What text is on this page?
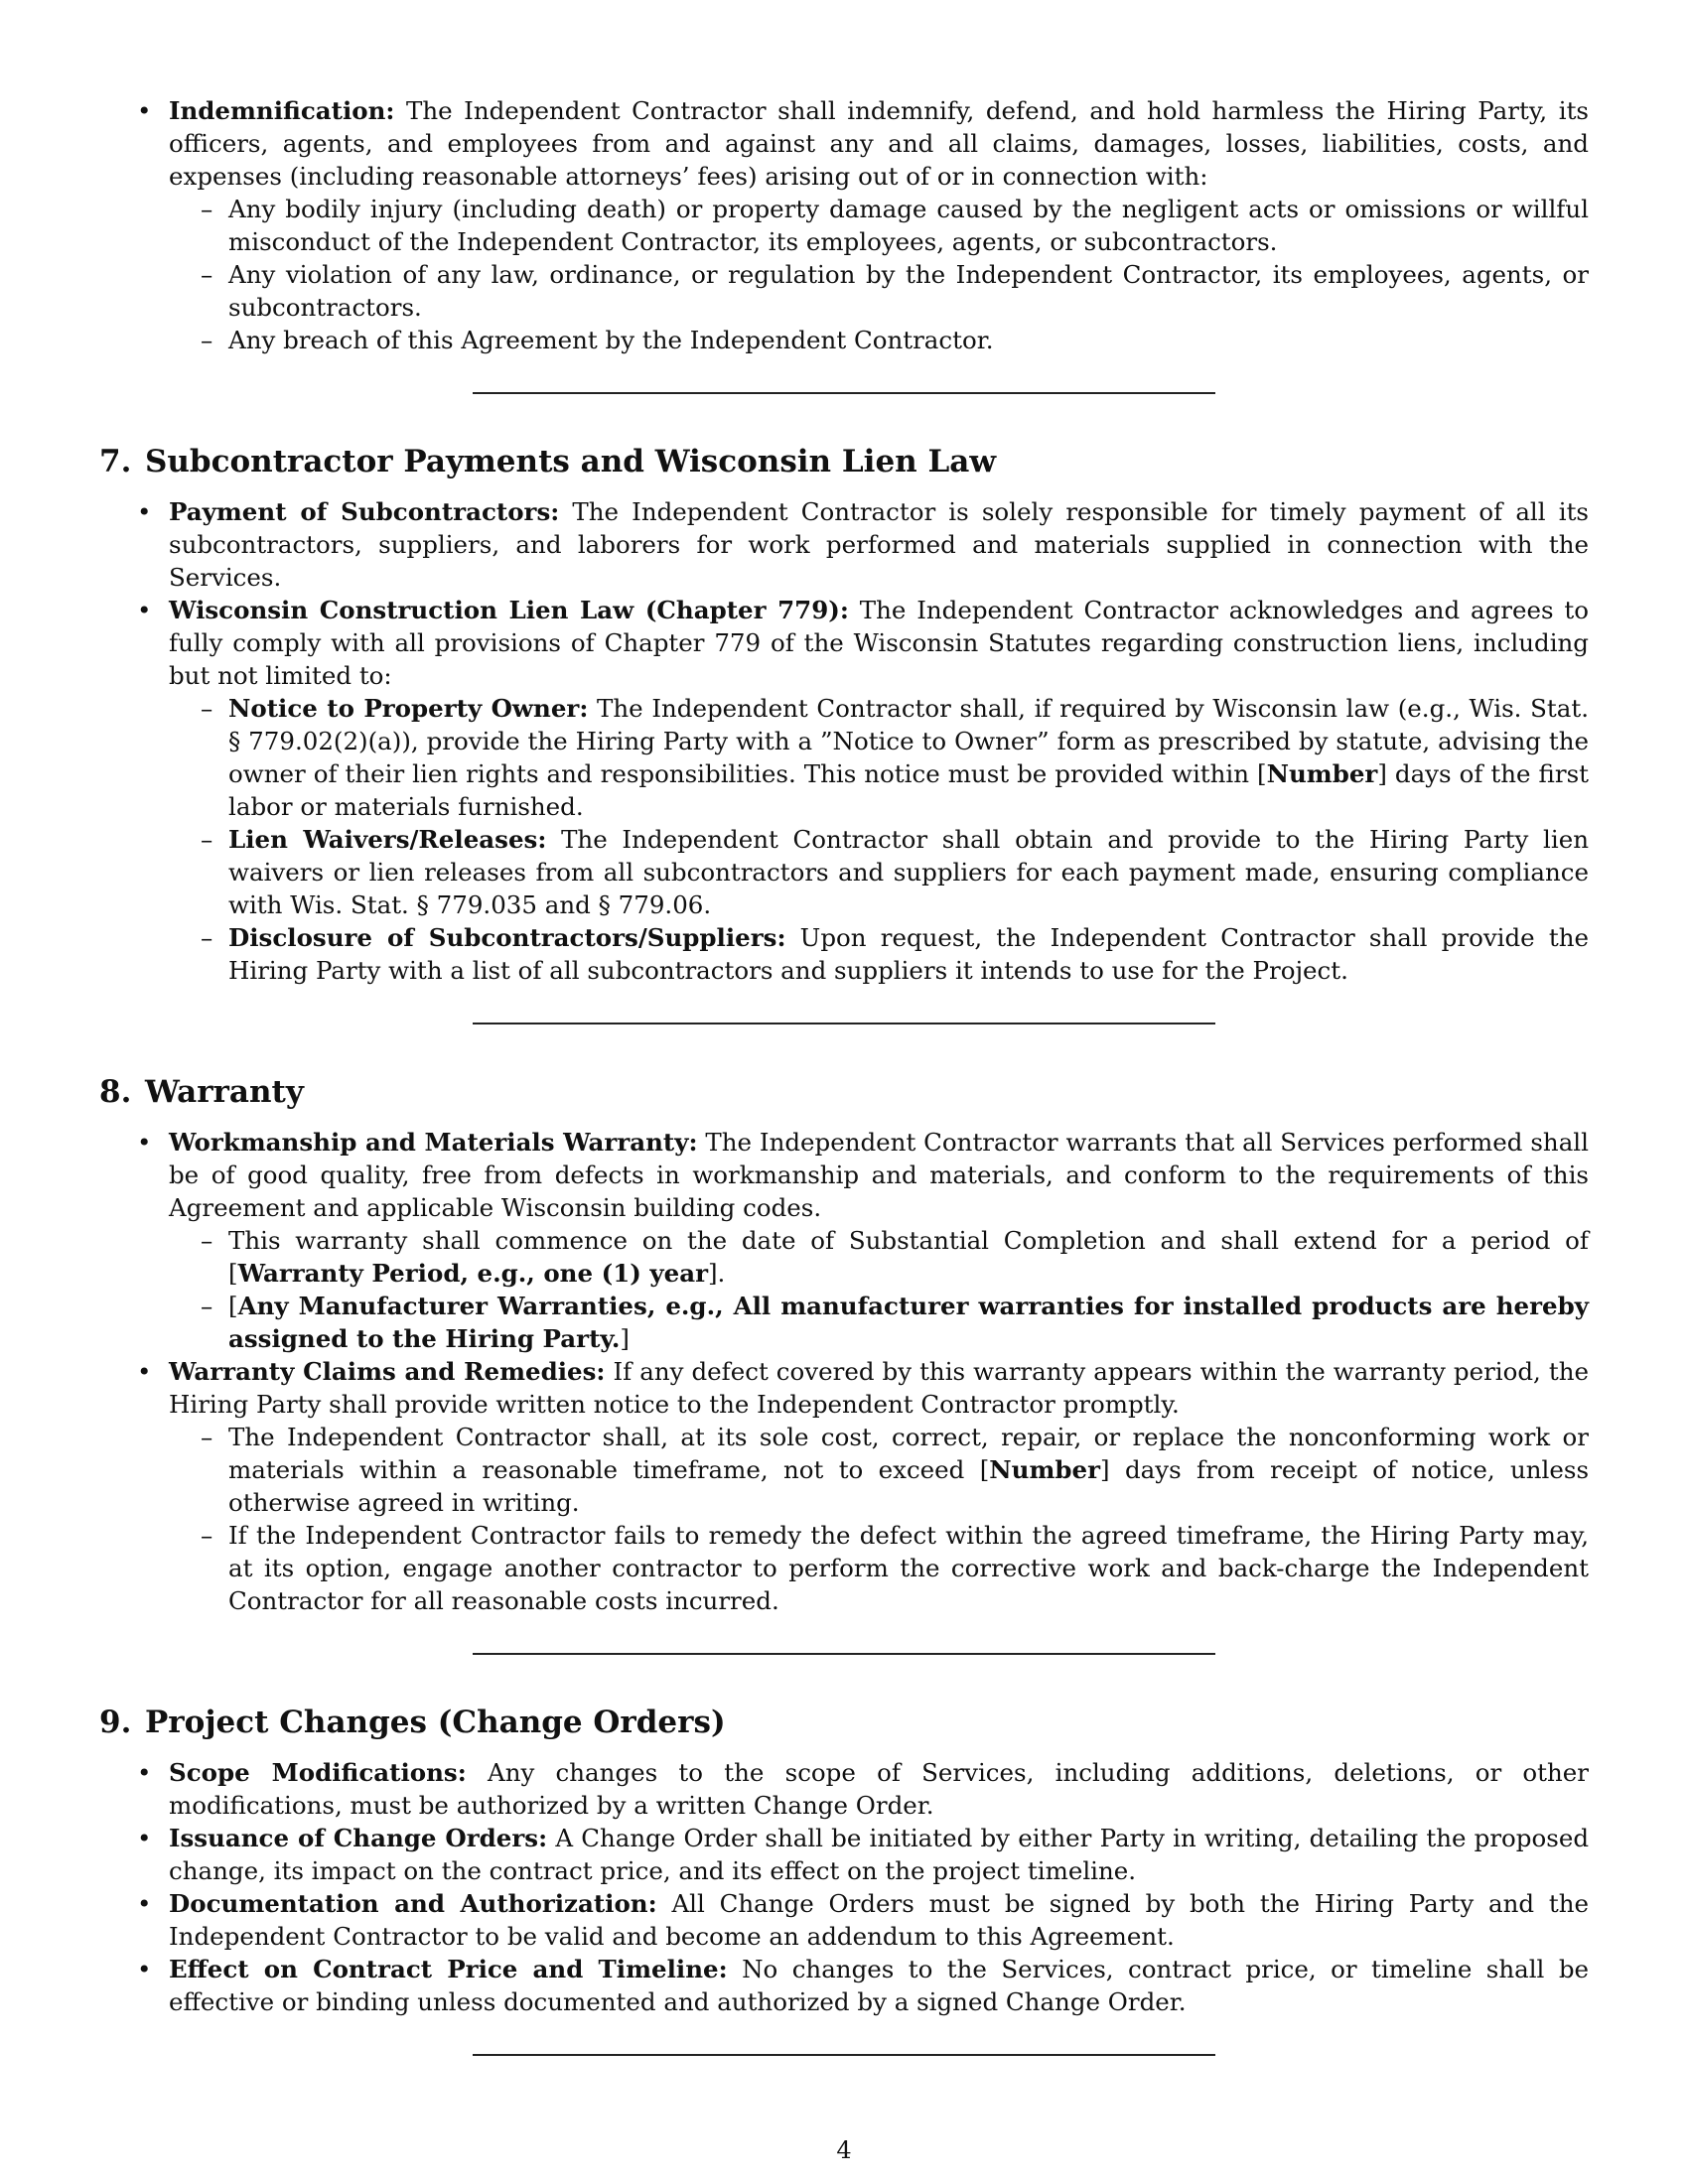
• Indemnification: The Independent Contractor shall indemnify, defend, and hold harmless the Hiring Party, its officers, agents, and employees from and against any and all claims, damages, losses, liabilities, costs, and expenses (including reasonable attorneys’ fees) arising out of or in connection with:
– Any bodily injury (including death) or property damage caused by the negligent acts or omissions or willful misconduct of the Independent Contractor, its employees, agents, or subcontractors.
– Any violation of any law, ordinance, or regulation by the Independent Contractor, its employees, agents, or subcontractors.
– Any breach of this Agreement by the Independent Contractor.
7. Subcontractor Payments and Wisconsin Lien Law
• Payment of Subcontractors: The Independent Contractor is solely responsible for timely payment of all its subcontractors, suppliers, and laborers for work performed and materials supplied in connection with the Services.
• Wisconsin Construction Lien Law (Chapter 779): The Independent Contractor acknowledges and agrees to fully comply with all provisions of Chapter 779 of the Wisconsin Statutes regarding construction liens, including but not limited to:
– Notice to Property Owner: The Independent Contractor shall, if required by Wisconsin law (e.g., Wis. Stat. § 779.02(2)(a)), provide the Hiring Party with a ”Notice to Owner” form as prescribed by statute, advising the owner of their lien rights and responsibilities. This notice must be provided within [Number] days of the first labor or materials furnished.
– Lien Waivers/Releases: The Independent Contractor shall obtain and provide to the Hiring Party lien waivers or lien releases from all subcontractors and suppliers for each payment made, ensuring compliance with Wis. Stat. § 779.035 and § 779.06.
– Disclosure of Subcontractors/Suppliers: Upon request, the Independent Contractor shall provide the Hiring Party with a list of all subcontractors and suppliers it intends to use for the Project.
8. Warranty
• Workmanship and Materials Warranty: The Independent Contractor warrants that all Services performed shall be of good quality, free from defects in workmanship and materials, and conform to the requirements of this Agreement and applicable Wisconsin building codes.
– This warranty shall commence on the date of Substantial Completion and shall extend for a period of [Warranty Period, e.g., one (1) year].
– [Any Manufacturer Warranties, e.g., All manufacturer warranties for installed products are hereby assigned to the Hiring Party.]
• Warranty Claims and Remedies: If any defect covered by this warranty appears within the warranty period, the Hiring Party shall provide written notice to the Independent Contractor promptly.
– The Independent Contractor shall, at its sole cost, correct, repair, or replace the nonconforming work or materials within a reasonable timeframe, not to exceed [Number] days from receipt of notice, unless otherwise agreed in writing.
– If the Independent Contractor fails to remedy the defect within the agreed timeframe, the Hiring Party may, at its option, engage another contractor to perform the corrective work and back-charge the Independent Contractor for all reasonable costs incurred.
9. Project Changes (Change Orders)
• Scope Modifications: Any changes to the scope of Services, including additions, deletions, or other modifications, must be authorized by a written Change Order.
• Issuance of Change Orders: A Change Order shall be initiated by either Party in writing, detailing the proposed change, its impact on the contract price, and its effect on the project timeline.
• Documentation and Authorization: All Change Orders must be signed by both the Hiring Party and the Independent Contractor to be valid and become an addendum to this Agreement.
• Effect on Contract Price and Timeline: No changes to the Services, contract price, or timeline shall be effective or binding unless documented and authorized by a signed Change Order.
4
